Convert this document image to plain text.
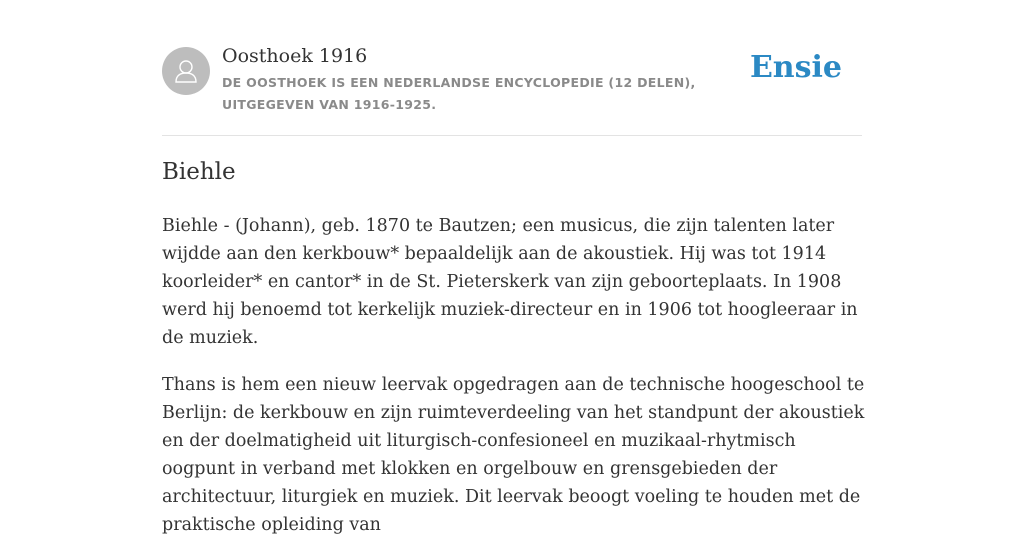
Oosthoek 1916
DE OOSTHOEK IS EEN NEDERLANDSE ENCYCLOPEDIE (12 DELEN), UITGEGEVEN VAN 1916-1925.
Ensie
Biehle

Biehle - (Johann), geb. 1870 te Bautzen; een musicus, die zijn talenten later wijdde aan den kerkbouw* bepaaldelijk aan de akoustiek. Hij was tot 1914 koorleider* en cantor* in de St. Pieterskerk van zijn geboorteplaats. In 1908 werd hij benoemd tot kerkelijk muziek-directeur en in 1906 tot hoogleeraar in de muziek.

Thans is hem een nieuw leervak opgedragen aan de technische hoogeschool te Berlijn: de kerkbouw en zijn ruimteverdeeling van het standpunt der akoustiek en der doelmatigheid uit liturgisch-confesioneel en muzikaal-rhytmisch oogpunt in verband met klokken en orgelbouw en grensgebieden der architectuur, liturgiek en muziek. Dit leervak beoogt voeling te houden met de praktische opleiding van
